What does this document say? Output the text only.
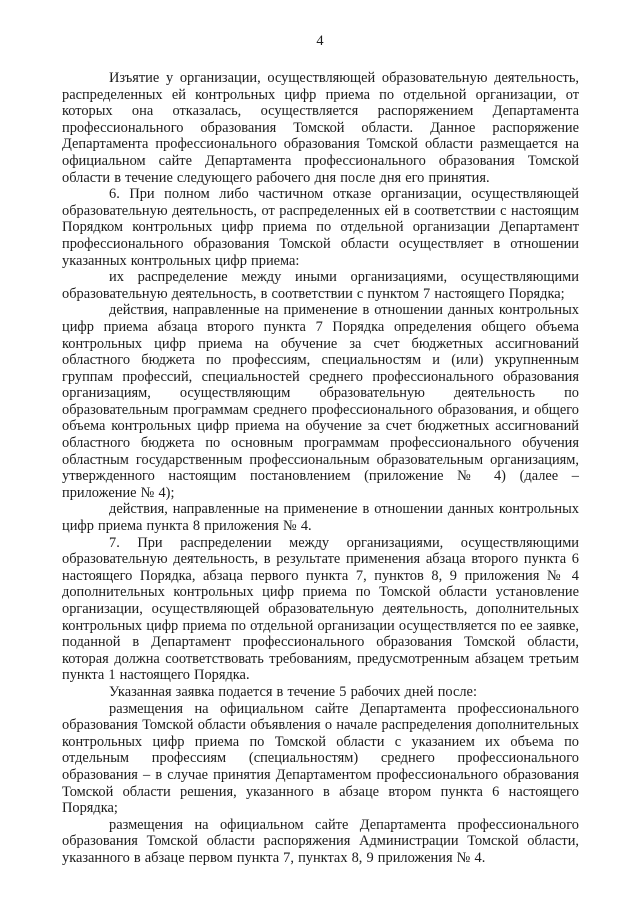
4

Изъятие у организации, осуществляющей образовательную деятельность, распределенных ей контрольных цифр приема по отдельной организации, от которых она отказалась, осуществляется распоряжением Департамента профессионального образования Томской области. Данное распоряжение Департамента профессионального образования Томской области размещается на официальном сайте Департамента профессионального образования Томской области в течение следующего рабочего дня после дня его принятия.

6. При полном либо частичном отказе организации, осуществляющей образовательную деятельность, от распределенных ей в соответствии с настоящим Порядком контрольных цифр приема по отдельной организации Департамент профессионального образования Томской области осуществляет в отношении указанных контрольных цифр приема:

их распределение между иными организациями, осуществляющими образовательную деятельность, в соответствии с пунктом 7 настоящего Порядка;

действия, направленные на применение в отношении данных контрольных цифр приема абзаца второго пункта 7 Порядка определения общего объема контрольных цифр приема на обучение за счет бюджетных ассигнований областного бюджета по профессиям, специальностям и (или) укрупненным группам профессий, специальностей среднего профессионального образования организациям, осуществляющим образовательную деятельность по образовательным программам среднего профессионального образования, и общего объема контрольных цифр приема на обучение за счет бюджетных ассигнований областного бюджета по основным программам профессионального обучения областным государственным профессиональным образовательным организациям, утвержденного настоящим постановлением (приложение № 4) (далее – приложение № 4);

действия, направленные на применение в отношении данных контрольных цифр приема пункта 8 приложения № 4.

7. При распределении между организациями, осуществляющими образовательную деятельность, в результате применения абзаца второго пункта 6 настоящего Порядка, абзаца первого пункта 7, пунктов 8, 9 приложения № 4 дополнительных контрольных цифр приема по Томской области установление организации, осуществляющей образовательную деятельность, дополнительных контрольных цифр приема по отдельной организации осуществляется по ее заявке, поданной в Департамент профессионального образования Томской области, которая должна соответствовать требованиям, предусмотренным абзацем третьим пункта 1 настоящего Порядка.

Указанная заявка подается в течение 5 рабочих дней после:

размещения на официальном сайте Департамента профессионального образования Томской области объявления о начале распределения дополнительных контрольных цифр приема по Томской области с указанием их объема по отдельным профессиям (специальностям) среднего профессионального образования – в случае принятия Департаментом профессионального образования Томской области решения, указанного в абзаце втором пункта 6 настоящего Порядка;

размещения на официальном сайте Департамента профессионального образования Томской области распоряжения Администрации Томской области, указанного в абзаце первом пункта 7, пунктах 8, 9 приложения № 4.
